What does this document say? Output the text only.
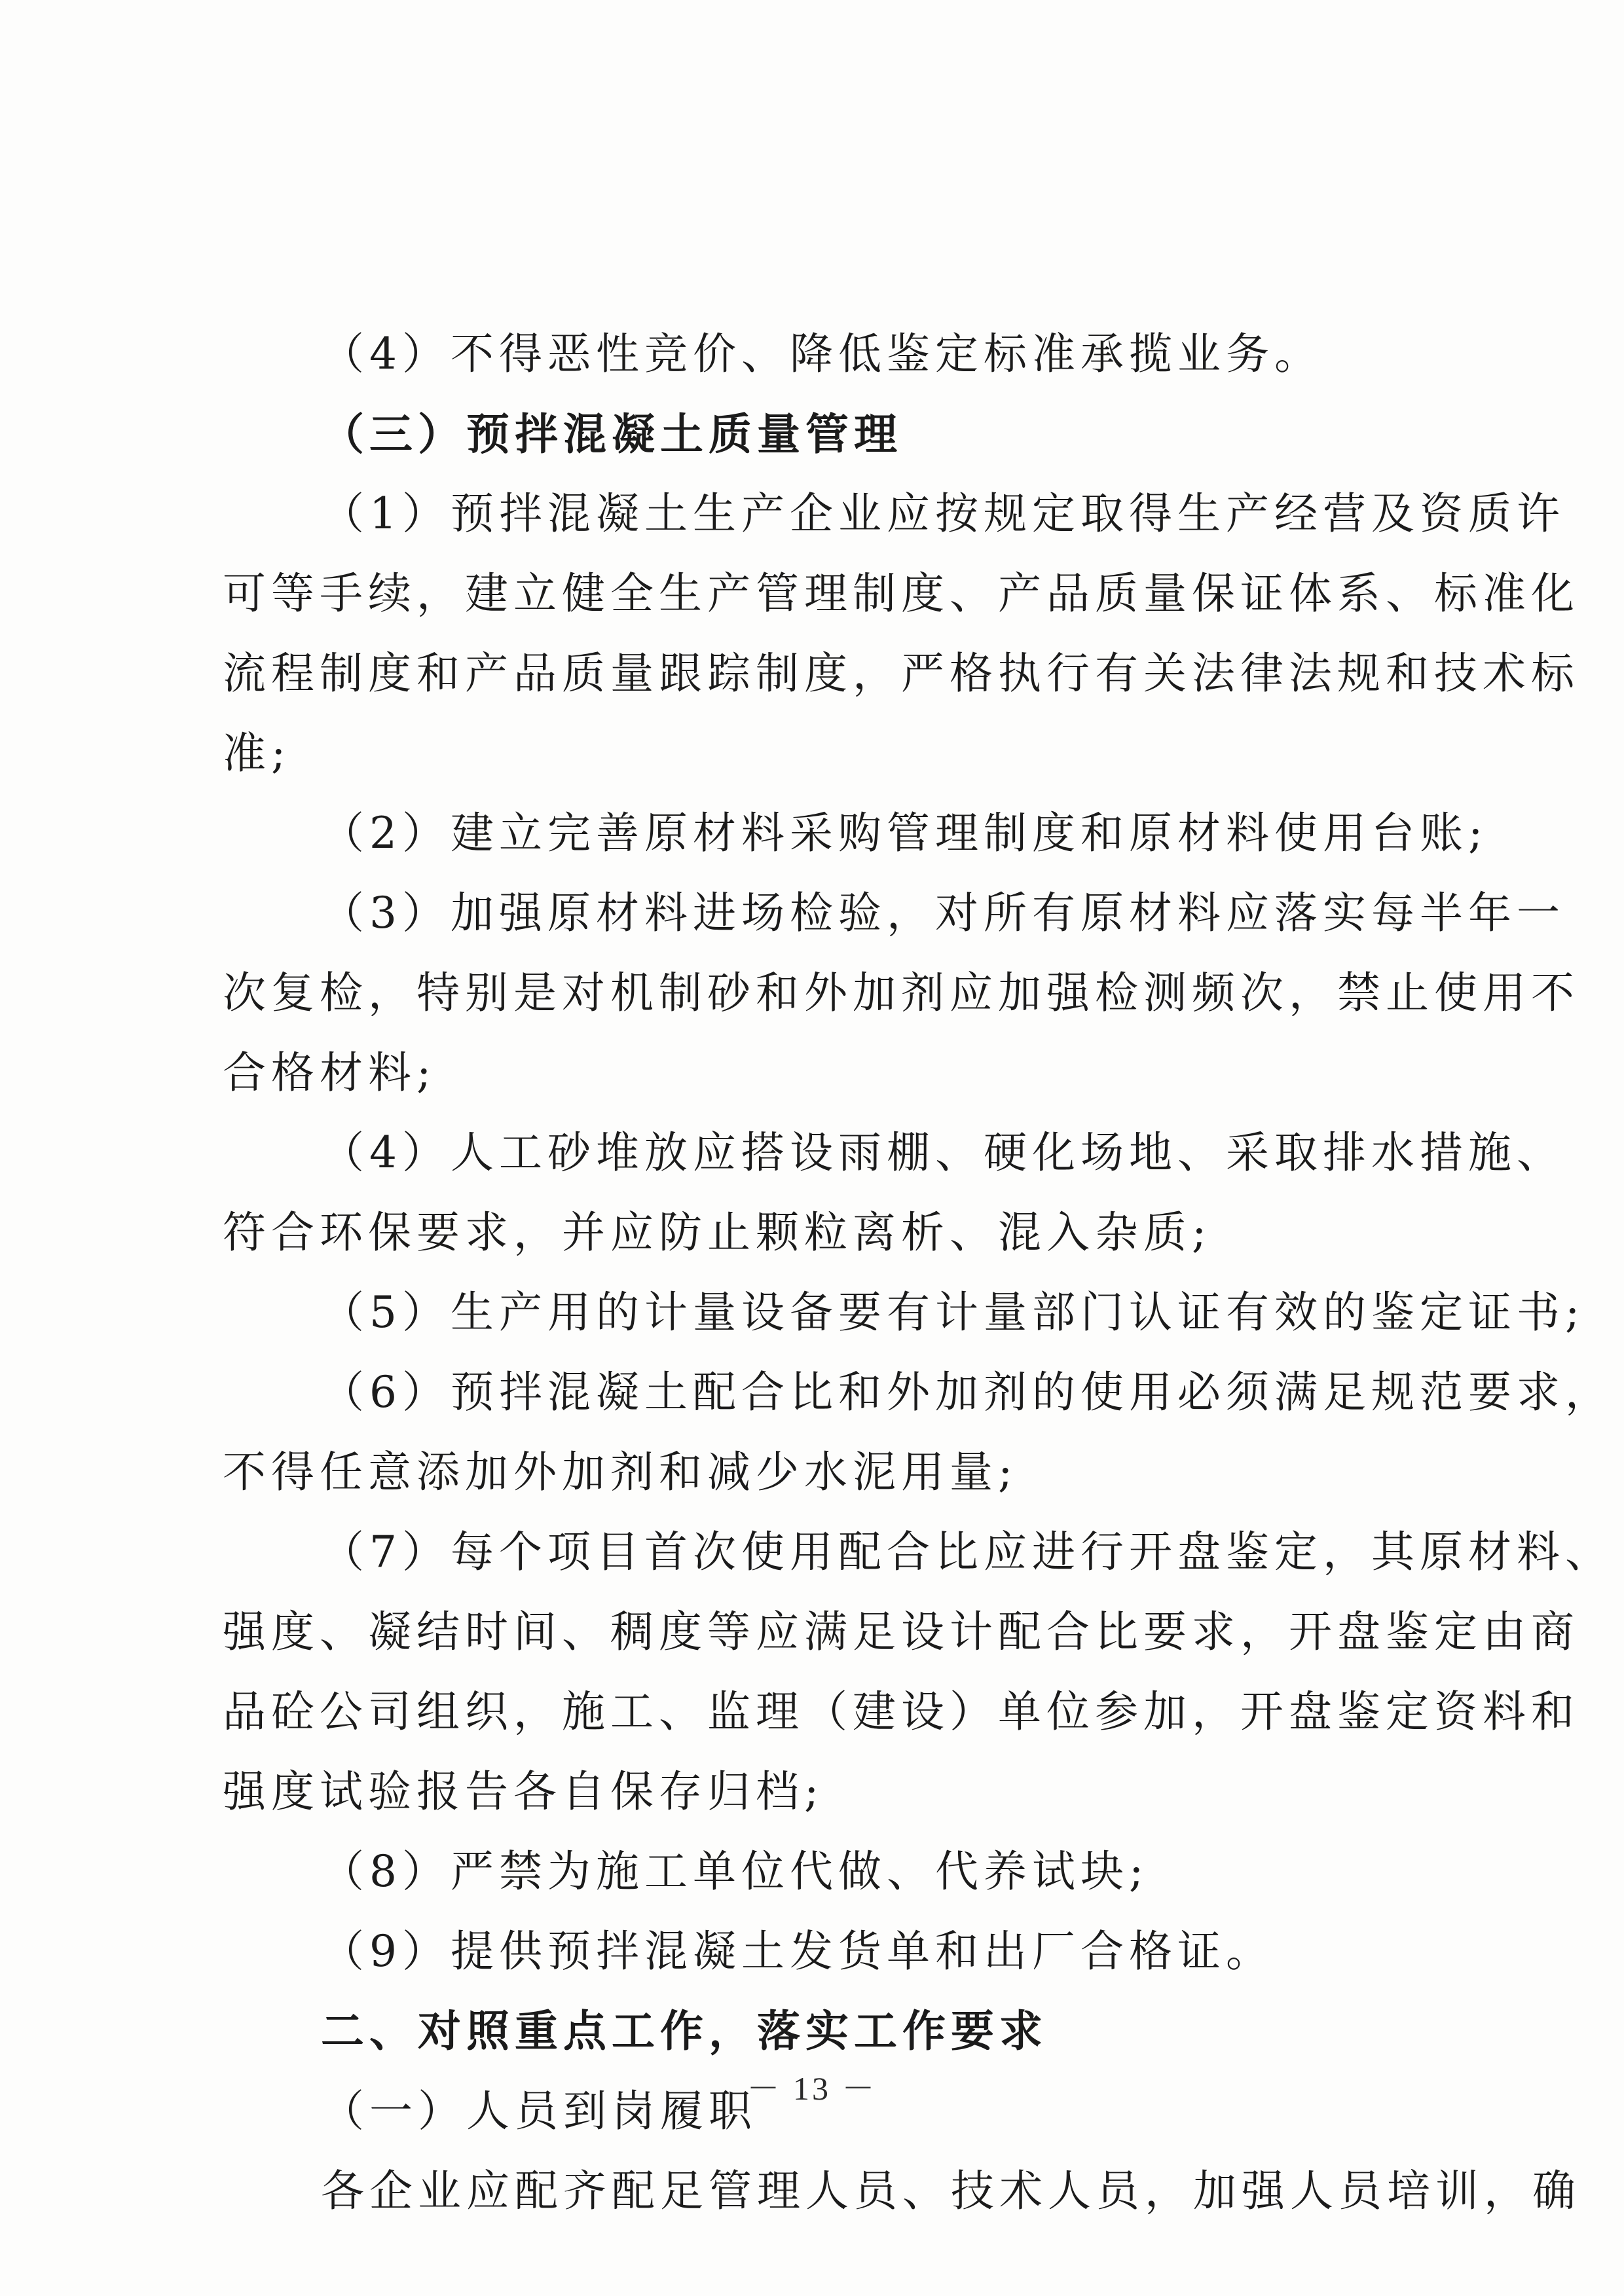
（4）不得恶性竞价、降低鉴定标准承揽业务。
（三）预拌混凝土质量管理
（1）预拌混凝土生产企业应按规定取得生产经营及资质许
可等手续，建立健全生产管理制度、产品质量保证体系、标准化
流程制度和产品质量跟踪制度，严格执行有关法律法规和技术标
准;
（2）建立完善原材料采购管理制度和原材料使用台账;
（3）加强原材料进场检验，对所有原材料应落实每半年一
次复检，特别是对机制砂和外加剂应加强检测频次，禁止使用不
合格材料;
（4）人工砂堆放应搭设雨棚、硬化场地、采取排水措施、
符合环保要求，并应防止颗粒离析、混入杂质;
（5）生产用的计量设备要有计量部门认证有效的鉴定证书;
（6）预拌混凝土配合比和外加剂的使用必须满足规范要求，
不得任意添加外加剂和减少水泥用量;
（7）每个项目首次使用配合比应进行开盘鉴定，其原材料、
强度、凝结时间、稠度等应满足设计配合比要求，开盘鉴定由商
品砼公司组织，施工、监理（建设）单位参加，开盘鉴定资料和
强度试验报告各自保存归档;
（8）严禁为施工单位代做、代养试块;
（9）提供预拌混凝土发货单和出厂合格证。
二、对照重点工作，落实工作要求
（一）人员到岗履职
各企业应配齐配足管理人员、技术人员，加强人员培训，确
－ 13 －
